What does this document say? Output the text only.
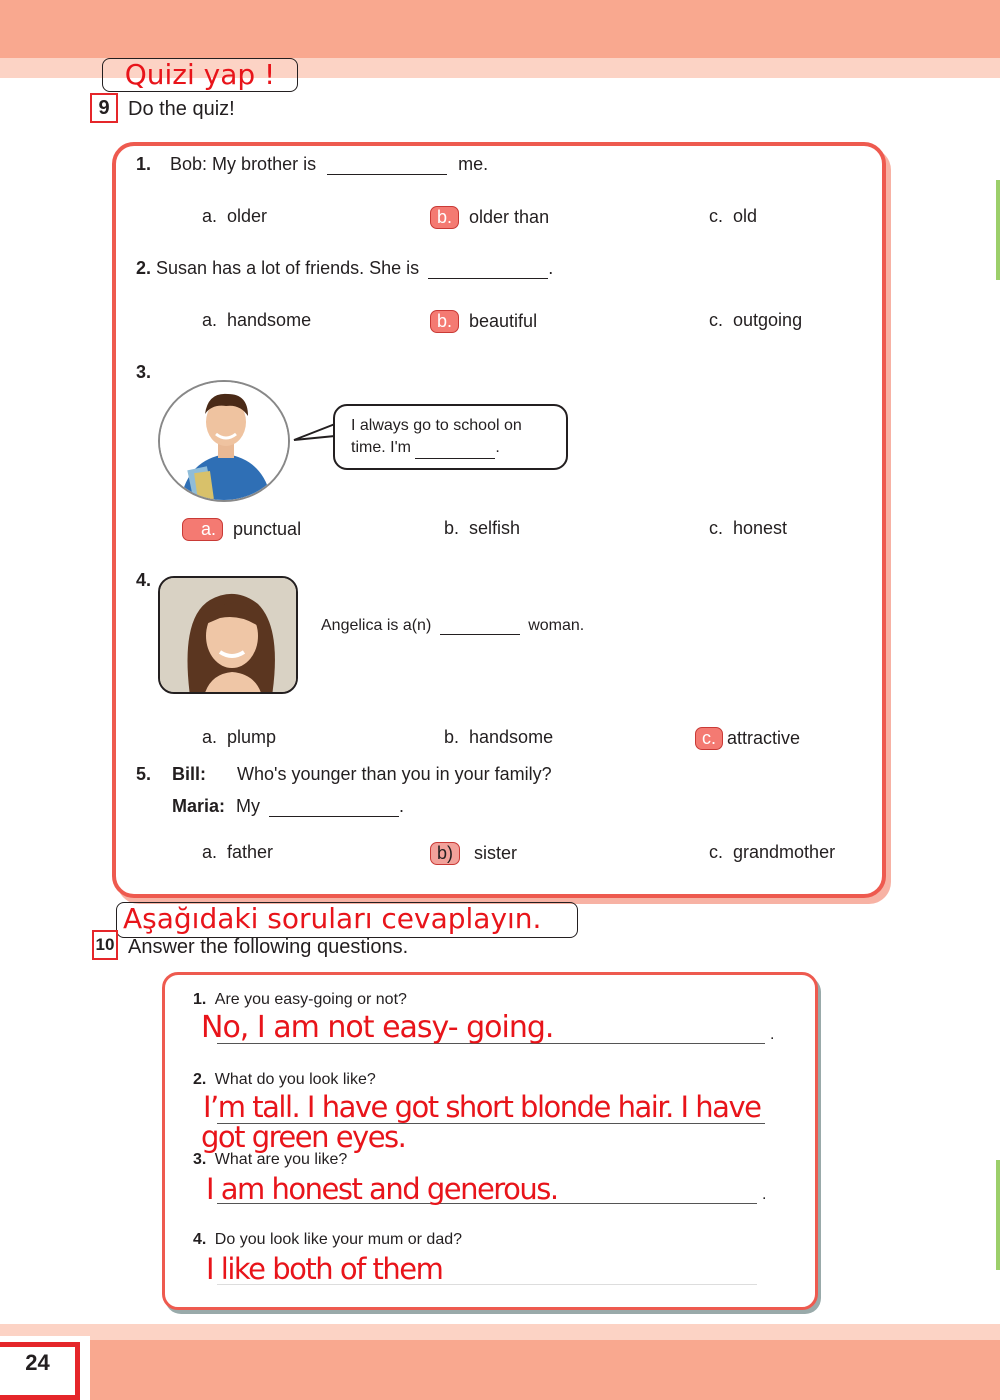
Quizi yap !
9 Do the quiz!
1. Bob: My brother is	me.
a. older	b. older than	c. old
2. Susan has a lot of friends. She is	.
a. handsome	b. beautiful	c. outgoing
3.
I always go to school on
time. I'm	.
a. punctual	b. selfish	c. honest
4.
Angelica is a(n)	woman.
a. plump	b. handsome	c. attractive
5. Bill: Who's younger than you in your family?
Maria: My	.
a. father	b) sister	c. grandmother
Aşağıdaki soruları cevaplayın.
10 Answer the following questions.
1. Are you easy-going or not?
.
No, I am not easy- going.
2. What do you look like?
I’m tall. I have got short blonde hair. I have
got green eyes.
3. What are you like?
.
I am honest and generous.
4. Do you look like your mum or dad?
I like both of them
24
